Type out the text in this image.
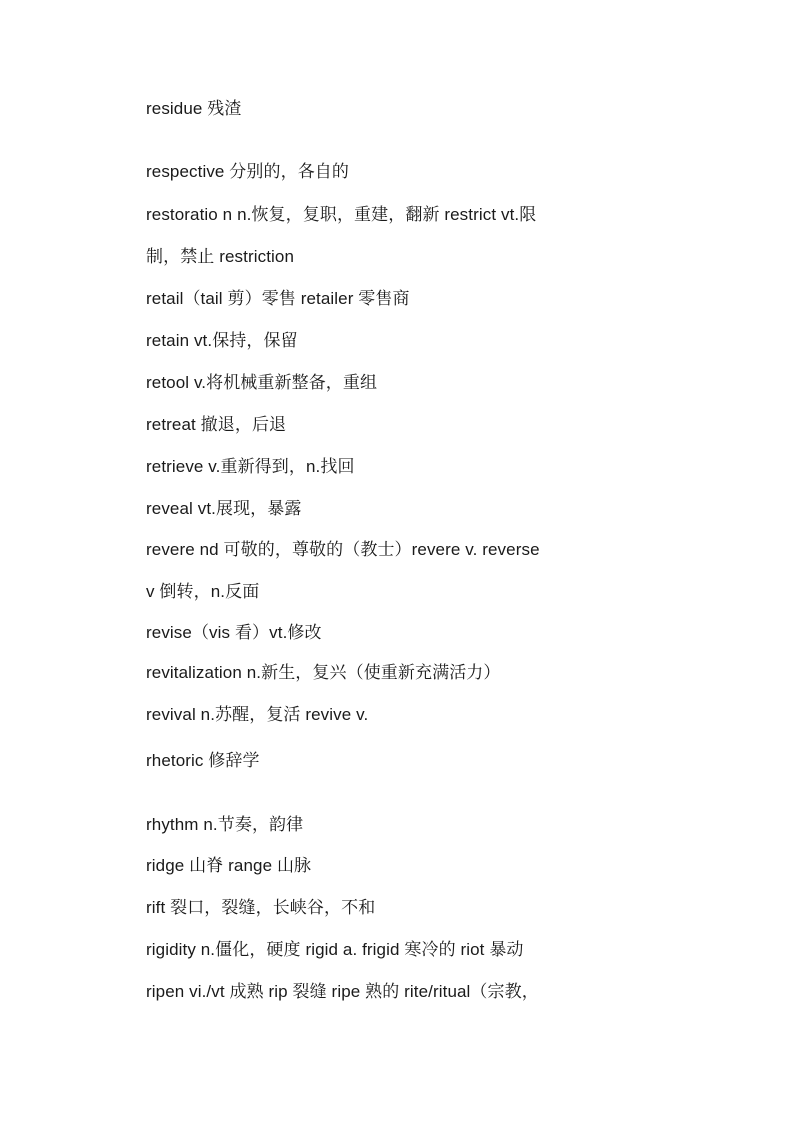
residue 残渣
respective 分别的，各自的
restoratio n n.恢复，复职，重建，翻新 restrict vt.限
制，禁止 restriction
retail（tail 剪）零售 retailer 零售商
retain vt.保持，保留
retool v.将机械重新整备，重组
retreat 撤退，后退
retrieve v.重新得到，n.找回
reveal vt.展现，暴露
revere nd 可敬的，尊敬的（教士）revere v. reverse
v 倒转，n.反面
revise（vis 看）vt.修改
revitalization n.新生，复兴（使重新充满活力）
revival n.苏醒，复活 revive v.
rhetoric 修辞学
rhythm n.节奏，韵律
ridge 山脊 range 山脉
rift 裂口，裂缝，长峡谷，不和
rigidity n.僵化，硬度 rigid a. frigid 寒冷的 riot 暴动
ripen vi./vt 成熟 rip 裂缝 ripe 熟的 rite/ritual（宗教，
